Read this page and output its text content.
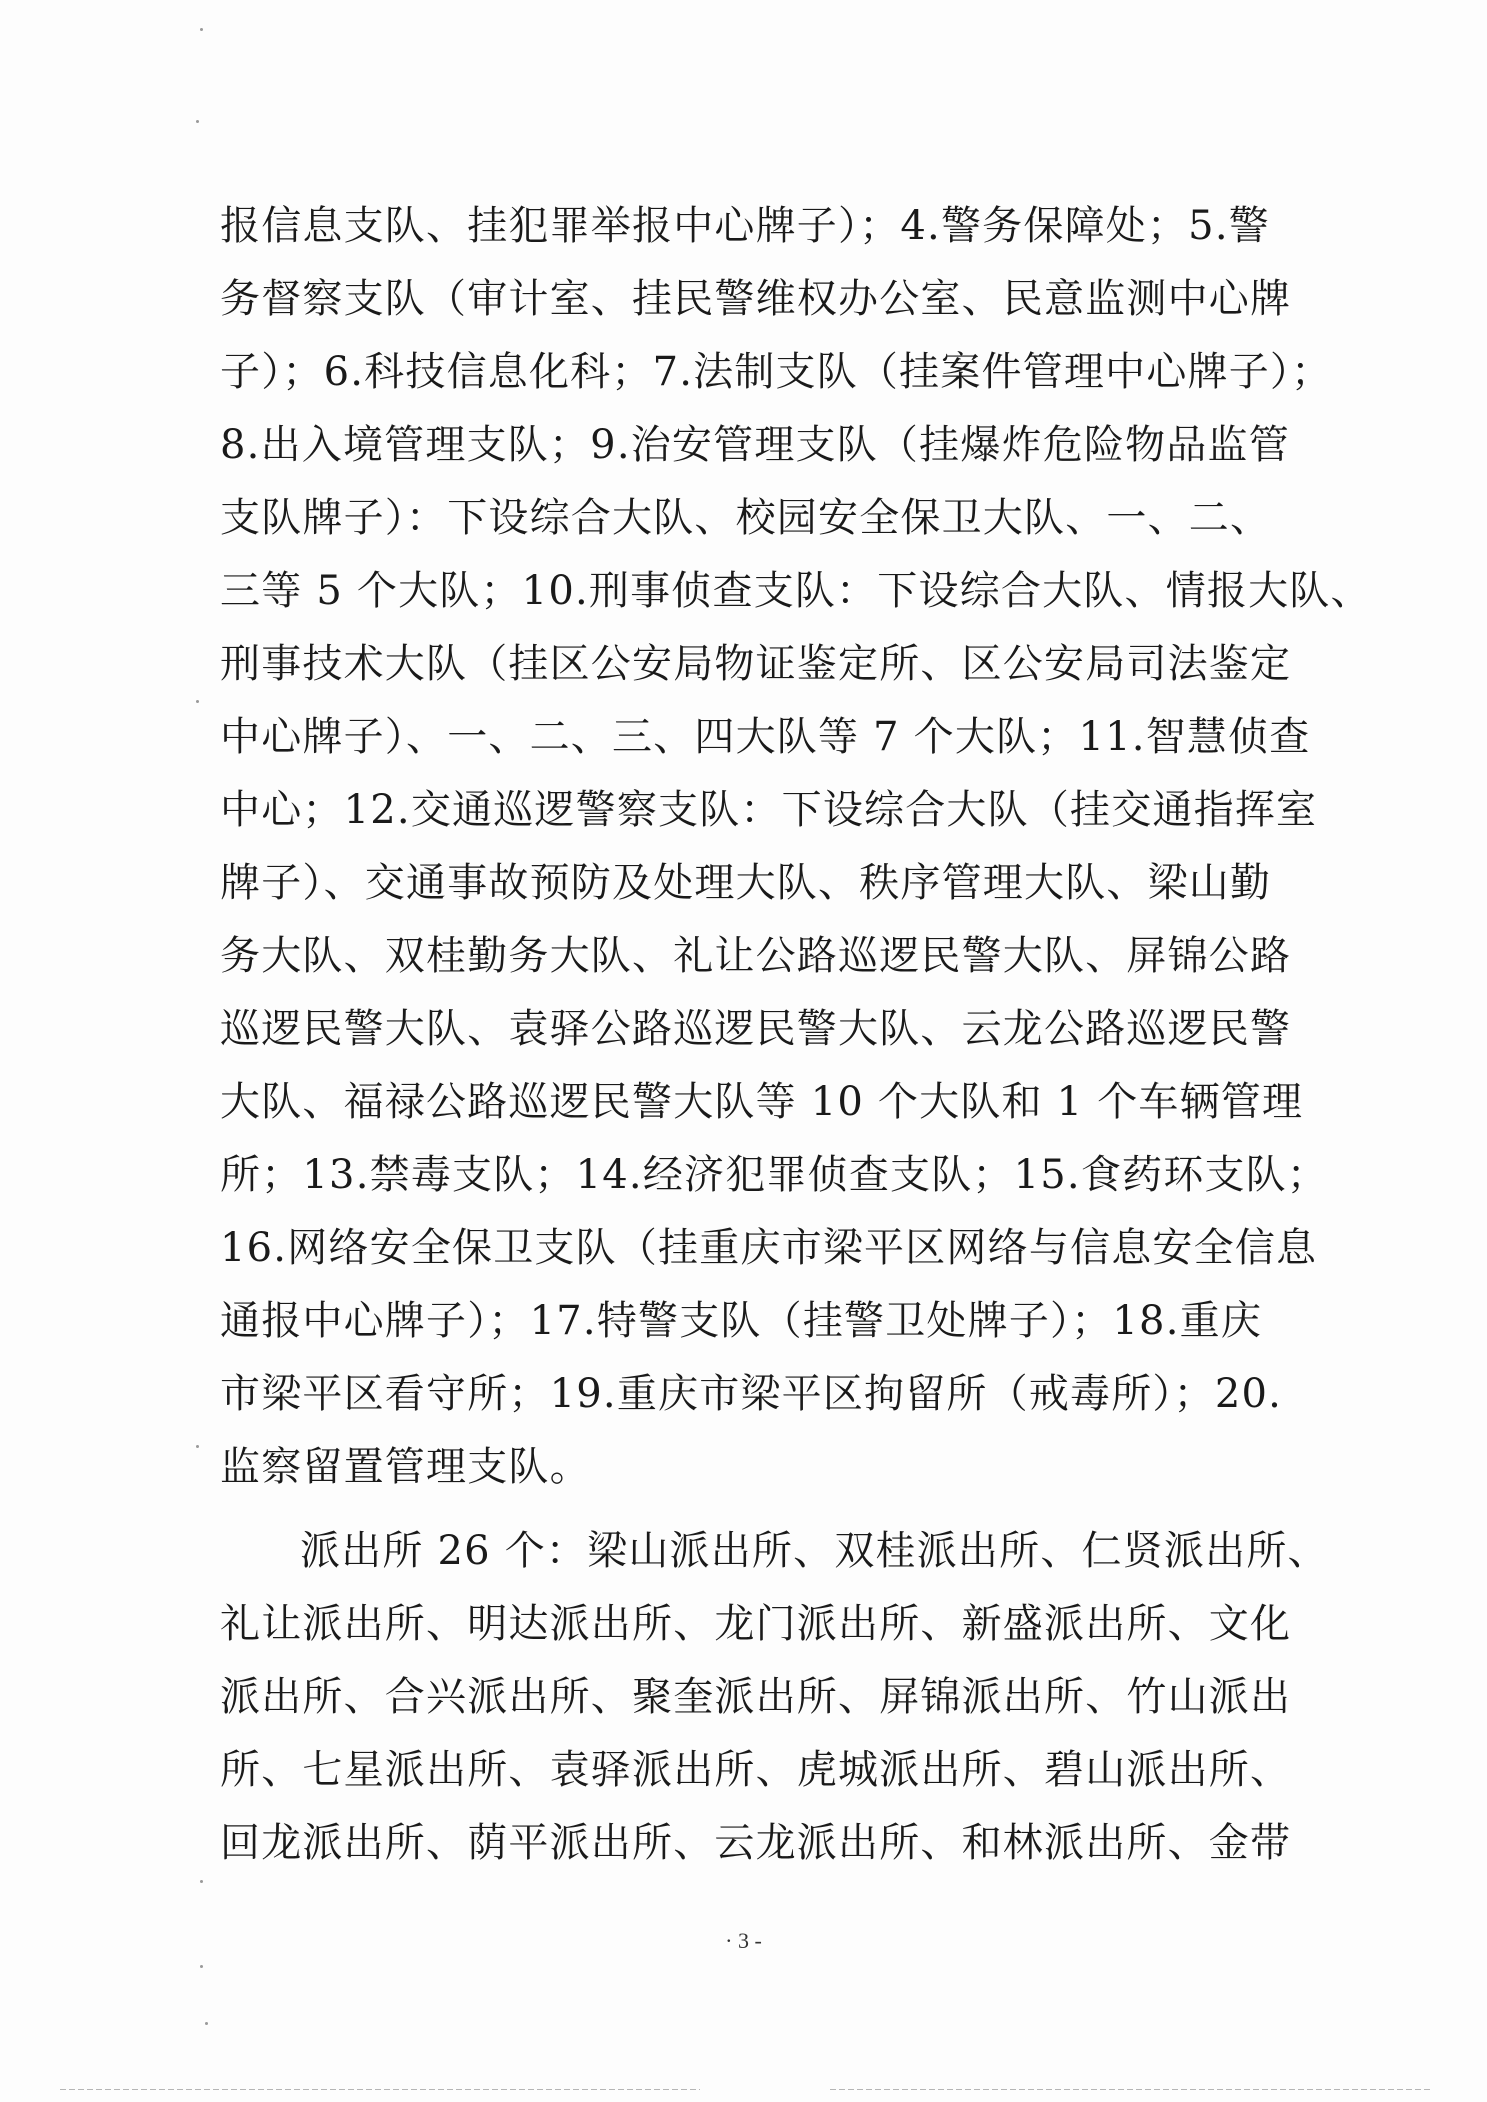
报信息支队、挂犯罪举报中心牌子）；4.警务保障处；5.警
务督察支队（审计室、挂民警维权办公室、民意监测中心牌
子）；6.科技信息化科；7.法制支队（挂案件管理中心牌子）；
8.出入境管理支队；9.治安管理支队（挂爆炸危险物品监管
支队牌子）：下设综合大队、校园安全保卫大队、一、二、
三等 5 个大队；10.刑事侦查支队：下设综合大队、情报大队、
刑事技术大队（挂区公安局物证鉴定所、区公安局司法鉴定
中心牌子）、一、二、三、四大队等 7 个大队；11.智慧侦查
中心；12.交通巡逻警察支队：下设综合大队（挂交通指挥室
牌子）、交通事故预防及处理大队、秩序管理大队、梁山勤
务大队、双桂勤务大队、礼让公路巡逻民警大队、屏锦公路
巡逻民警大队、袁驿公路巡逻民警大队、云龙公路巡逻民警
大队、福禄公路巡逻民警大队等 10 个大队和 1 个车辆管理
所；13.禁毒支队；14.经济犯罪侦查支队；15.食药环支队；
16.网络安全保卫支队（挂重庆市梁平区网络与信息安全信息
通报中心牌子）；17.特警支队（挂警卫处牌子）；18.重庆
市梁平区看守所；19.重庆市梁平区拘留所（戒毒所）；20.
监察留置管理支队。
派出所 26 个：梁山派出所、双桂派出所、仁贤派出所、
礼让派出所、明达派出所、龙门派出所、新盛派出所、文化
派出所、合兴派出所、聚奎派出所、屏锦派出所、竹山派出
所、七星派出所、袁驿派出所、虎城派出所、碧山派出所、
回龙派出所、荫平派出所、云龙派出所、和林派出所、金带
· 3 -
